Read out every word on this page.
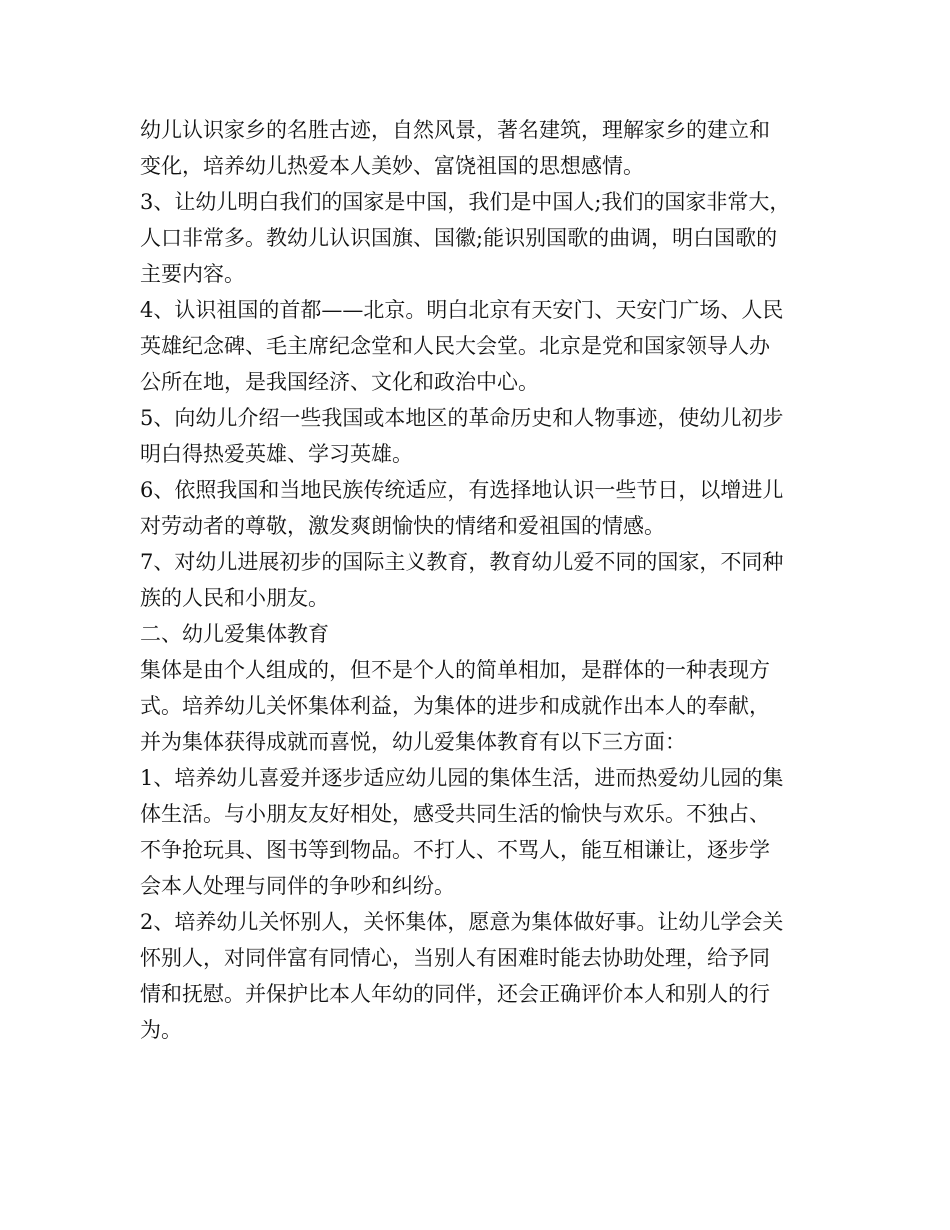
幼儿认识家乡的名胜古迹，自然风景，著名建筑，理解家乡的建立和
变化，培养幼儿热爱本人美妙、富饶祖国的思想感情。
3、让幼儿明白我们的国家是中国，我们是中国人;我们的国家非常大，
人口非常多。教幼儿认识国旗、国徽;能识别国歌的曲调，明白国歌的
主要内容。
4、认识祖国的首都——北京。明白北京有天安门、天安门广场、人民
英雄纪念碑、毛主席纪念堂和人民大会堂。北京是党和国家领导人办
公所在地，是我国经济、文化和政治中心。
5、向幼儿介绍一些我国或本地区的革命历史和人物事迹，使幼儿初步
明白得热爱英雄、学习英雄。
6、依照我国和当地民族传统适应，有选择地认识一些节日，以增进儿
对劳动者的尊敬，激发爽朗愉快的情绪和爱祖国的情感。
7、对幼儿进展初步的国际主义教育，教育幼儿爱不同的国家，不同种
族的人民和小朋友。
二、幼儿爱集体教育
集体是由个人组成的，但不是个人的简单相加，是群体的一种表现方
式。培养幼儿关怀集体利益，为集体的进步和成就作出本人的奉献，
并为集体获得成就而喜悦，幼儿爱集体教育有以下三方面：
1、培养幼儿喜爱并逐步适应幼儿园的集体生活，进而热爱幼儿园的集
体生活。与小朋友友好相处，感受共同生活的愉快与欢乐。不独占、
不争抢玩具、图书等到物品。不打人、不骂人，能互相谦让，逐步学
会本人处理与同伴的争吵和纠纷。
2、培养幼儿关怀别人，关怀集体，愿意为集体做好事。让幼儿学会关
怀别人，对同伴富有同情心，当别人有困难时能去协助处理，给予同
情和抚慰。并保护比本人年幼的同伴，还会正确评价本人和别人的行
为。
